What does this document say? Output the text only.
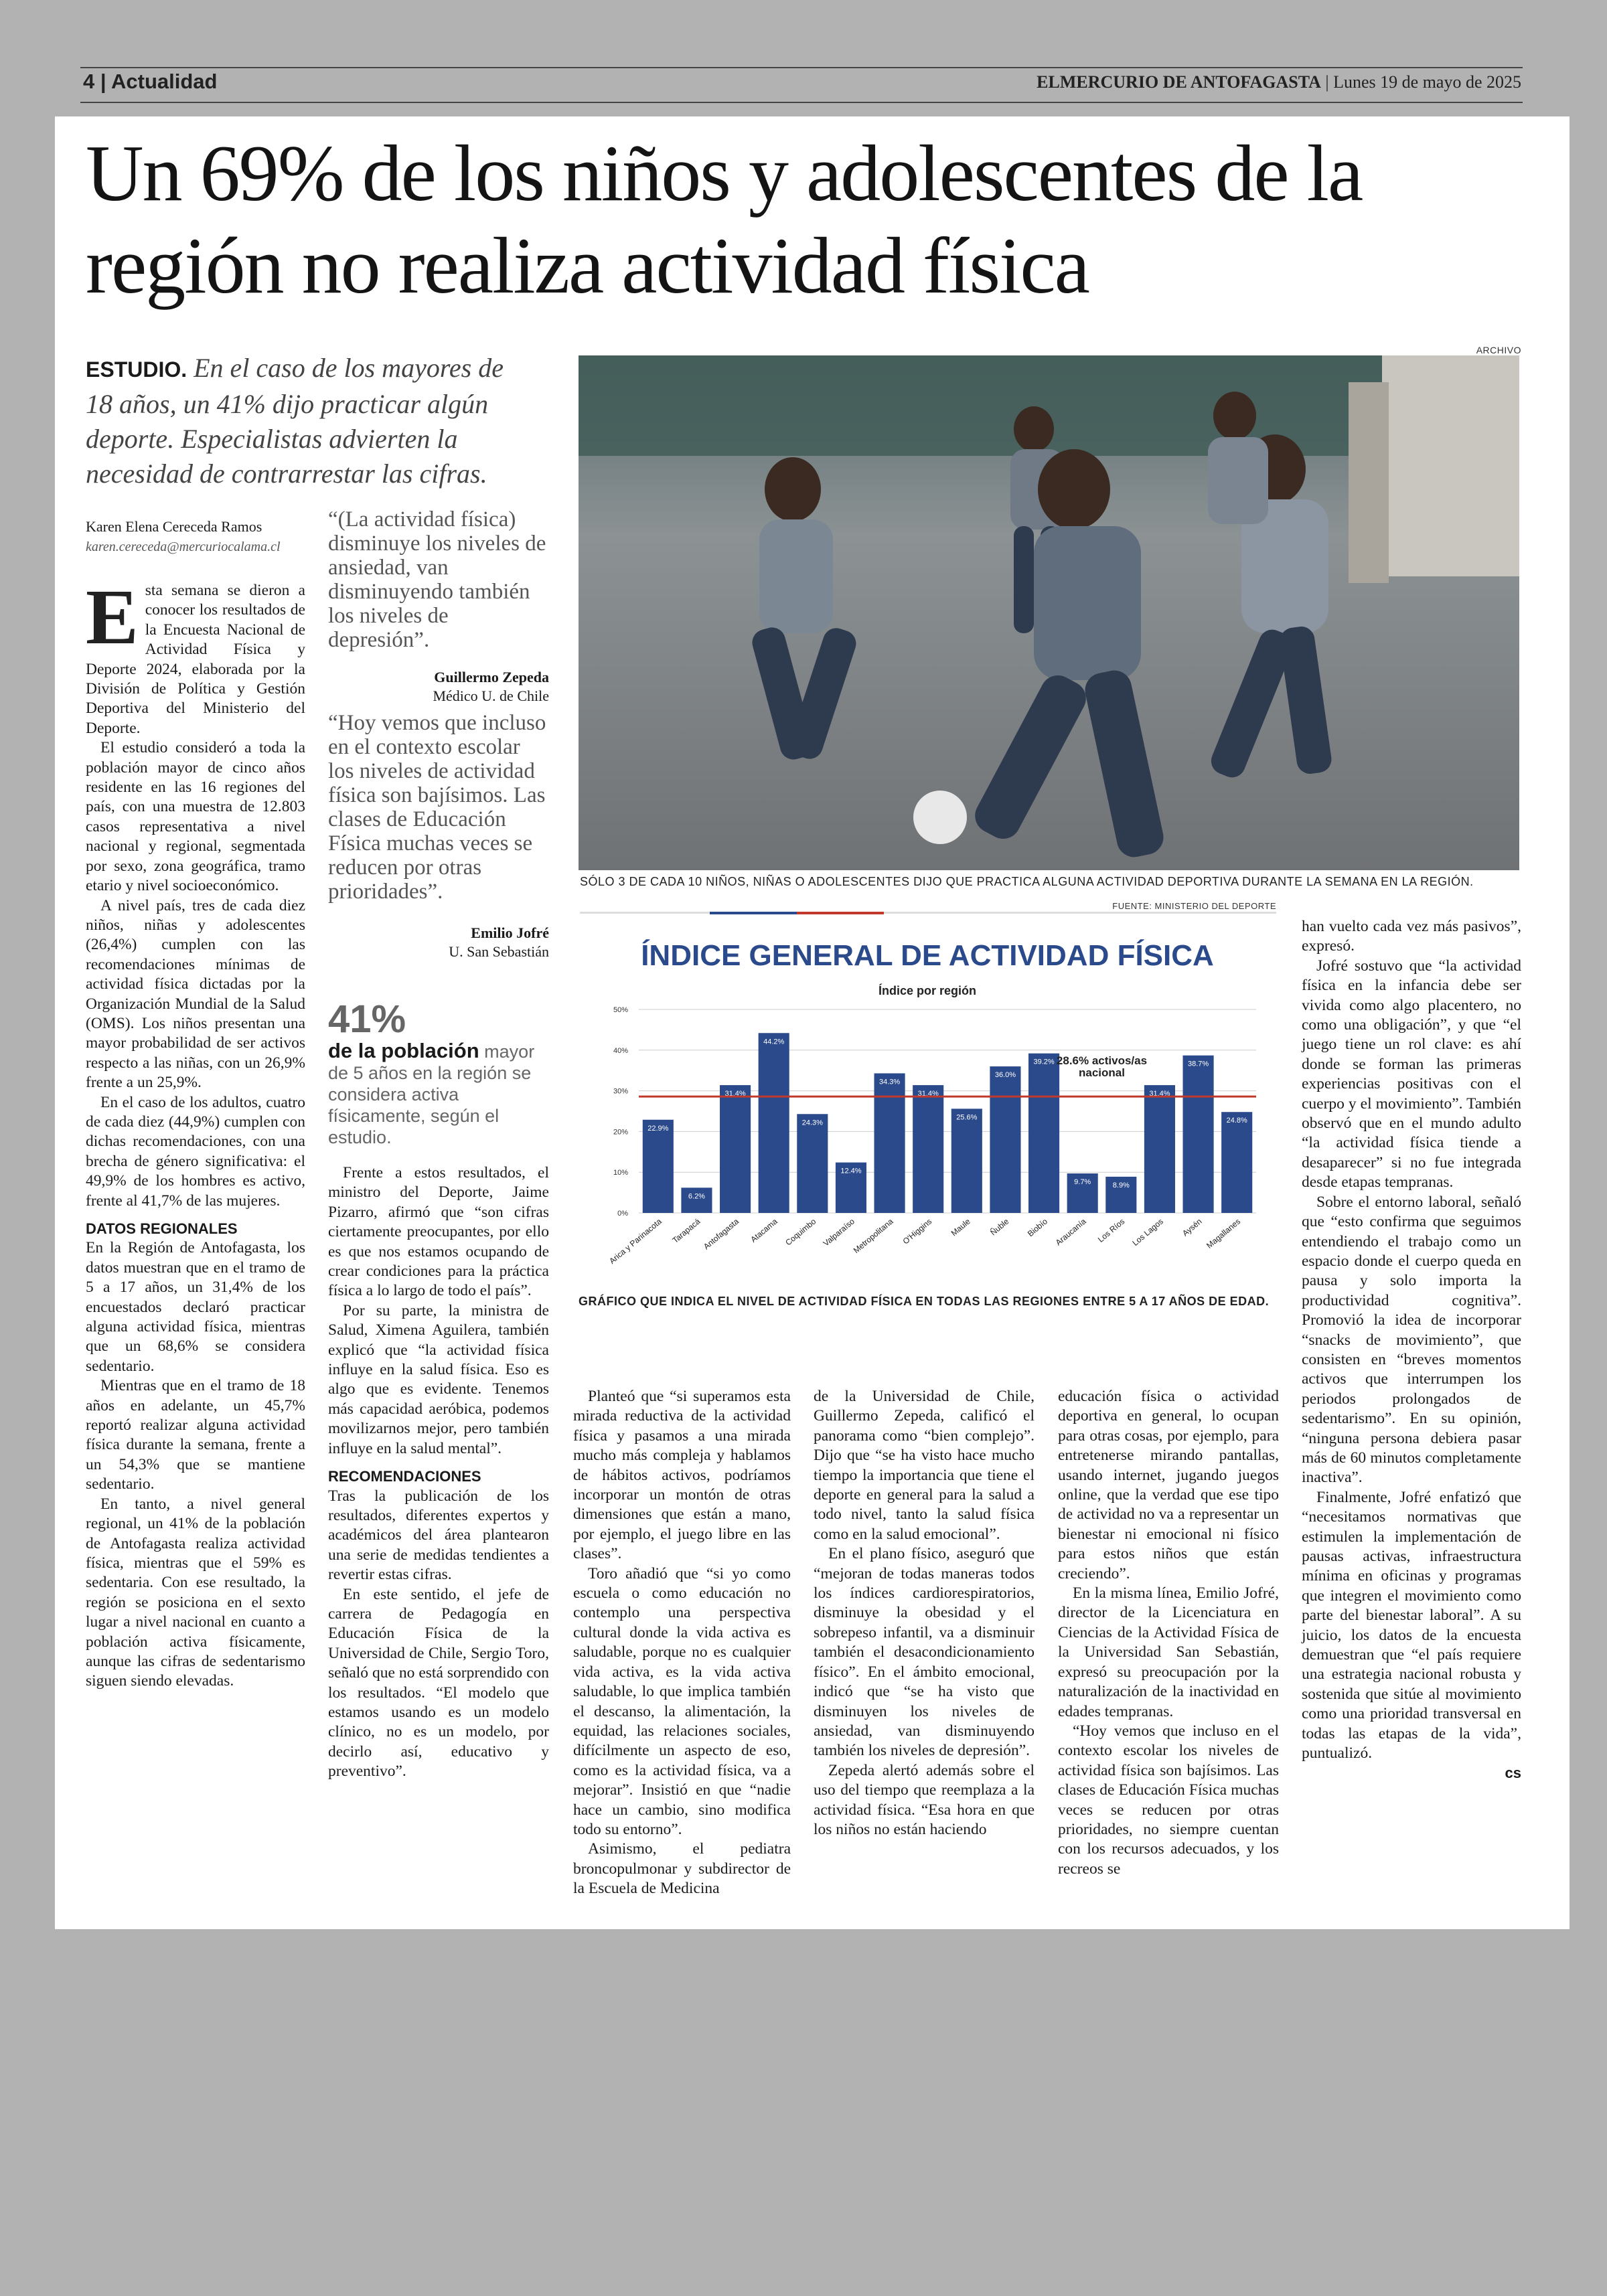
4 | Actualidad	ELMERCURIO DE ANTOFAGASTA | Lunes 19 de mayo de 2025
Un 69% de los niños y adolescentes de la región no realiza actividad física
ESTUDIO. En el caso de los mayores de 18 años, un 41% dijo practicar algún deporte. Especialistas advierten la necesidad de contrarrestar las cifras.
Karen Elena Cereceda Ramos
karen.cereceda@mercuriocalama.cl

Esta semana se dieron a conocer los resultados de la Encuesta Nacional de Actividad Física y Deporte 2024, elaborada por la División de Política y Gestión Deportiva del Ministerio del Deporte.

El estudio consideró a toda la población mayor de cinco años residente en las 16 regiones del país, con una muestra de 12.803 casos representativa a nivel nacional y regional, segmentada por sexo, zona geográfica, tramo etario y nivel socioeconómico.

A nivel país, tres de cada diez niños, niñas y adolescentes (26,4%) cumplen con las recomendaciones mínimas de actividad física dictadas por la Organización Mundial de la Salud (OMS). Los niños presentan una mayor probabilidad de ser activos respecto a las niñas, con un 26,9% frente a un 25,9%.

En el caso de los adultos, cuatro de cada diez (44,9%) cumplen con dichas recomendaciones, con una brecha de género significativa: el 49,9% de los hombres es activo, frente al 41,7% de las mujeres.

DATOS REGIONALES

En la Región de Antofagasta, los datos muestran que en el tramo de 5 a 17 años, un 31,4% de los encuestados declaró practicar alguna actividad física, mientras que un 68,6% se considera sedentario.

Mientras que en el tramo de 18 años en adelante, un 45,7% reportó realizar alguna actividad física durante la semana, frente a un 54,3% que se mantiene sedentario.

En tanto, a nivel general regional, un 41% de la población de Antofagasta realiza actividad física, mientras que el 59% es sedentaria. Con ese resultado, la región se posiciona en el sexto lugar a nivel nacional en cuanto a población activa física​mente, aunque las cifras de sedentarismo siguen siendo elevadas.

“(La actividad física) disminuye los niveles de ansiedad, van disminuyendo también los niveles de depresión”.
Guillermo Zepeda
Médico U. de Chile
“Hoy vemos que incluso en el contexto escolar los niveles de actividad física son bajísimos. Las clases de Educación Física muchas veces se reducen por otras prioridades”.
Emilio Jofré
U. San Sebastián
41%
de la población mayor de 5 años en la región se considera activa físicamente, según el estudio.

Frente a estos resultados, el ministro del Deporte, Jaime Pizarro, afirmó que “son cifras ciertamente preocupantes, por ello es que nos estamos ocupando de crear condiciones para la práctica física a lo largo de todo el país”.

Por su parte, la ministra de Salud, Ximena Aguilera, también explicó que “la actividad física influye en la salud física. Eso es algo que es evidente. Tenemos más capacidad aeróbica, podemos movilizarnos mejor, pero también influye en la salud mental”.

RECOMENDACIONES

Tras la publicación de los resultados, diferentes expertos y académicos del área plantearon una serie de medidas tendientes a revertir estas cifras.

En este sentido, el jefe de carrera de Pedagogía en Educación Física de la Universidad de Chile, Sergio Toro, señaló que no está sorprendido con los resultados. “El modelo que estamos usando es un modelo clínico, no es un modelo, por decirlo así, educativo y preventivo”.

ARCHIVO
SÓLO 3 DE CADA 10 NIÑOS, NIÑAS O ADOLESCENTES DIJO QUE PRACTICA ALGUNA ACTIVIDAD DEPORTIVA DURANTE LA SEMANA EN LA REGIÓN.
FUENTE: MINISTERIO DEL DEPORTE
ÍNDICE GENERAL DE ACTIVIDAD FÍSICA
Índice por región
0%
10%
20%
30%
40%
50%
22.9%
Arica y Parinacota
6.2%
Tarapacá
31.4%
Antofagasta
44.2%
Atacama
24.3%
Coquimbo
12.4%
Valparaíso
34.3%
Metropolitana
31.4%
O'Higgins
25.6%
Maule
36.0%
Ñuble
39.2%
Biobío
9.7%
Araucanía
8.9%
Los Ríos
31.4%
Los Lagos
38.7%
Aysén
24.8%
Magallanes
28.6% activos/as nacional
GRÁFICO QUE INDICA EL NIVEL DE ACTIVIDAD FÍSICA EN TODAS LAS REGIONES ENTRE 5 A 17 AÑOS DE EDAD.

Planteó que “si superamos esta mirada reductiva de la actividad física y pasamos a una mirada mucho más compleja y hablamos de hábitos activos, podríamos incorporar un montón de otras dimensiones que están a mano, por ejemplo, el juego libre en las clases”.

Toro añadió que “si yo como escuela o como educación no contemplo una perspectiva cultural donde la vida activa es saludable, porque no es cualquier vida activa, es la vida activa saludable, lo que implica también el descanso, la alimentación, la equidad, las relaciones sociales, difícilmente un aspecto de eso, como es la actividad física, va a mejorar”. Insistió en que “nadie hace un cambio, sino modifica todo su entorno”.

Asimismo, el pediatra broncopulmonar y subdirector de la Escuela de Medicina

de la Universidad de Chile, Guillermo Zepeda, calificó el panorama como “bien complejo”. Dijo que “se ha visto hace mucho tiempo la importancia que tiene el deporte en general para la salud a todo nivel, tanto la salud física como en la salud emocional”.

En el plano físico, aseguró que “mejoran de todas maneras todos los índices cardiorespiratorios, disminuye la obesidad y el sobrepeso infantil, va a disminuir también el desacondicionamiento físico”. En el ámbito emocional, indicó que “se ha visto que disminuyen los niveles de ansiedad, van disminuyendo también los niveles de depresión”.

Zepeda alertó además sobre el uso del tiempo que reemplaza a la actividad física. “Esa hora en que los niños no están haciendo

educación física o actividad deportiva en general, lo ocupan para otras cosas, por ejemplo, para entretenerse mirando pantallas, usando internet, jugando juegos online, que la verdad que ese tipo de actividad no va a representar un bienestar ni emocional ni físico para estos niños que están creciendo”.

En la misma línea, Emilio Jofré, director de la Licenciatura en Ciencias de la Actividad Física de la Universidad San Sebastián, expresó su preocupación por la naturalización de la inactividad en edades tempranas.

“Hoy vemos que incluso en el contexto escolar los niveles de actividad física son bajísimos. Las clases de Educación Física muchas veces se reducen por otras prioridades, no siempre cuentan con los recursos adecuados, y los recreos se

han vuelto cada vez más pasivos”, expresó.

Jofré sostuvo que “la actividad física en la infancia debe ser vivida como algo placentero, no como una obligación”, y que “el juego tiene un rol clave: es ahí donde se forman las primeras experiencias positivas con el cuerpo y el movimiento”. También observó que en el mundo adulto “la actividad física tiende a desaparecer” si no fue integrada desde etapas tempranas.

Sobre el entorno laboral, señaló que “esto confirma que seguimos entendiendo el trabajo como un espacio donde el cuerpo queda en pausa y solo importa la productividad cognitiva”. Promovió la idea de incorporar “snacks de movimiento”, que consisten en “breves momentos activos que interrumpen los periodos prolongados de sedentarismo”. En su opinión, “ninguna persona debiera pasar más de 60 minutos completamente inactiva”.

Finalmente, Jofré enfatizó que “necesitamos normativas que estimulen la implementación de pausas activas, infraestructura mínima en oficinas y programas que integren el movimiento como parte del bienestar laboral”. A su juicio, los datos de la encuesta demuestran que “el país requiere una estrategia nacional robusta y sostenida que sitúe al movimiento como una prioridad transversal en todas las etapas de la vida”, puntualizó.

cs
